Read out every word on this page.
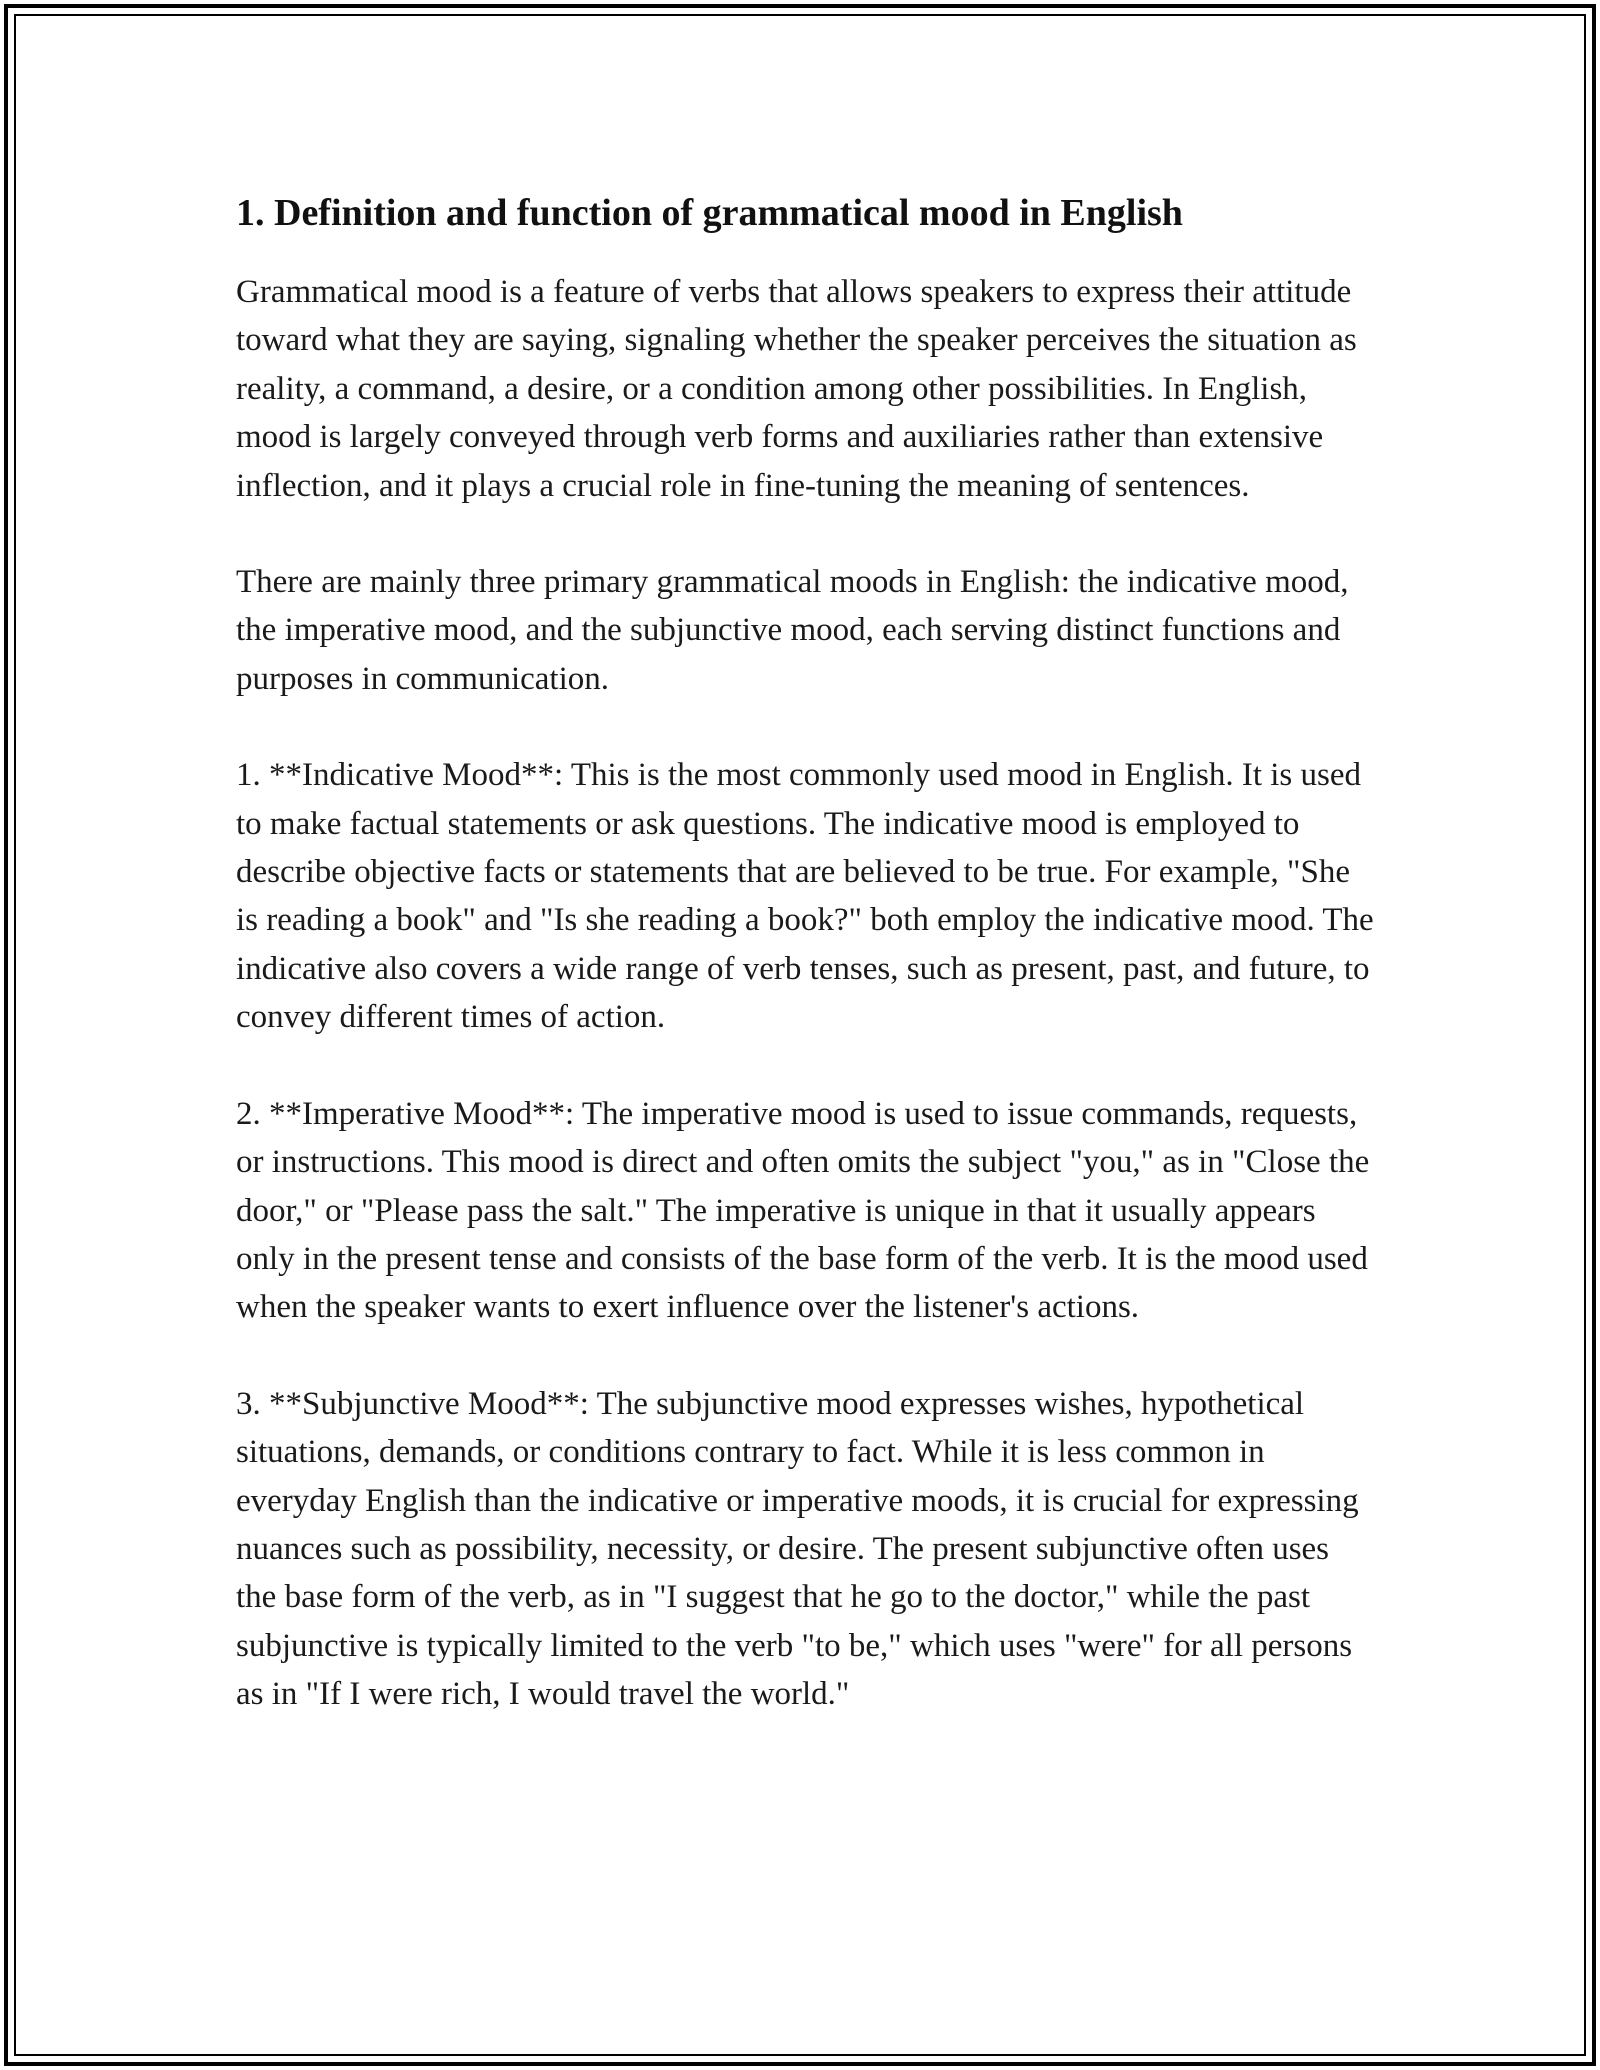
1. Definition and function of grammatical mood in English

Grammatical mood is a feature of verbs that allows speakers to express their attitude toward what they are saying, signaling whether the speaker perceives the situation as reality, a command, a desire, or a condition among other possibilities. In English, mood is largely conveyed through verb forms and auxiliaries rather than extensive inflection, and it plays a crucial role in fine-tuning the meaning of sentences.

There are mainly three primary grammatical moods in English: the indicative mood, the imperative mood, and the subjunctive mood, each serving distinct functions and purposes in communication.

1. **Indicative Mood**: This is the most commonly used mood in English. It is used to make factual statements or ask questions. The indicative mood is employed to describe objective facts or statements that are believed to be true. For example, "She is reading a book" and "Is she reading a book?" both employ the indicative mood. The indicative also covers a wide range of verb tenses, such as present, past, and future, to convey different times of action.

2. **Imperative Mood**: The imperative mood is used to issue commands, requests, or instructions. This mood is direct and often omits the subject "you," as in "Close the door," or "Please pass the salt." The imperative is unique in that it usually appears only in the present tense and consists of the base form of the verb. It is the mood used when the speaker wants to exert influence over the listener's actions.

3. **Subjunctive Mood**: The subjunctive mood expresses wishes, hypothetical situations, demands, or conditions contrary to fact. While it is less common in everyday English than the indicative or imperative moods, it is crucial for expressing nuances such as possibility, necessity, or desire. The present subjunctive often uses the base form of the verb, as in "I suggest that he go to the doctor," while the past subjunctive is typically limited to the verb "to be," which uses "were" for all persons as in "If I were rich, I would travel the world."
